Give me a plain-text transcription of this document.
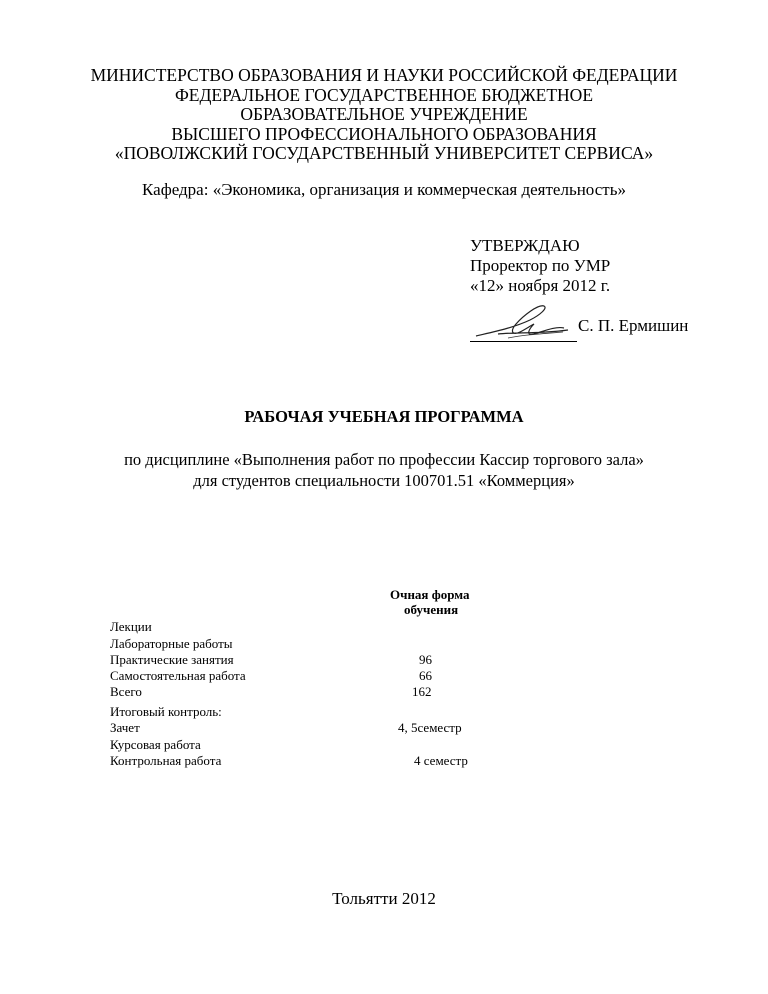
МИНИСТЕРСТВО ОБРАЗОВАНИЯ И НАУКИ РОССИЙСКОЙ ФЕДЕРАЦИИ
ФЕДЕРАЛЬНОЕ ГОСУДАРСТВЕННОЕ БЮДЖЕТНОЕ
ОБРАЗОВАТЕЛЬНОЕ УЧРЕЖДЕНИЕ
ВЫСШЕГО ПРОФЕССИОНАЛЬНОГО ОБРАЗОВАНИЯ
«ПОВОЛЖСКИЙ ГОСУДАРСТВЕННЫЙ УНИВЕРСИТЕТ СЕРВИСА»
Кафедра: «Экономика, организация и коммерческая деятельность»
УТВЕРЖДАЮ
Проректор по УМР
«12» ноября 2012 г.
С. П. Ермишин
РАБОЧАЯ УЧЕБНАЯ ПРОГРАММА
по дисциплине «Выполнения работ по профессии Кассир торгового зала»
для студентов специальности 100701.51 «Коммерция»
Очная форма
обучения
Лекции
Лабораторные работы
Практические занятия	96
Самостоятельная работа	66
Всего	162
Итоговый контроль:
Зачет	4, 5семестр
Курсовая работа
Контрольная работа	4 семестр
Тольятти 2012
